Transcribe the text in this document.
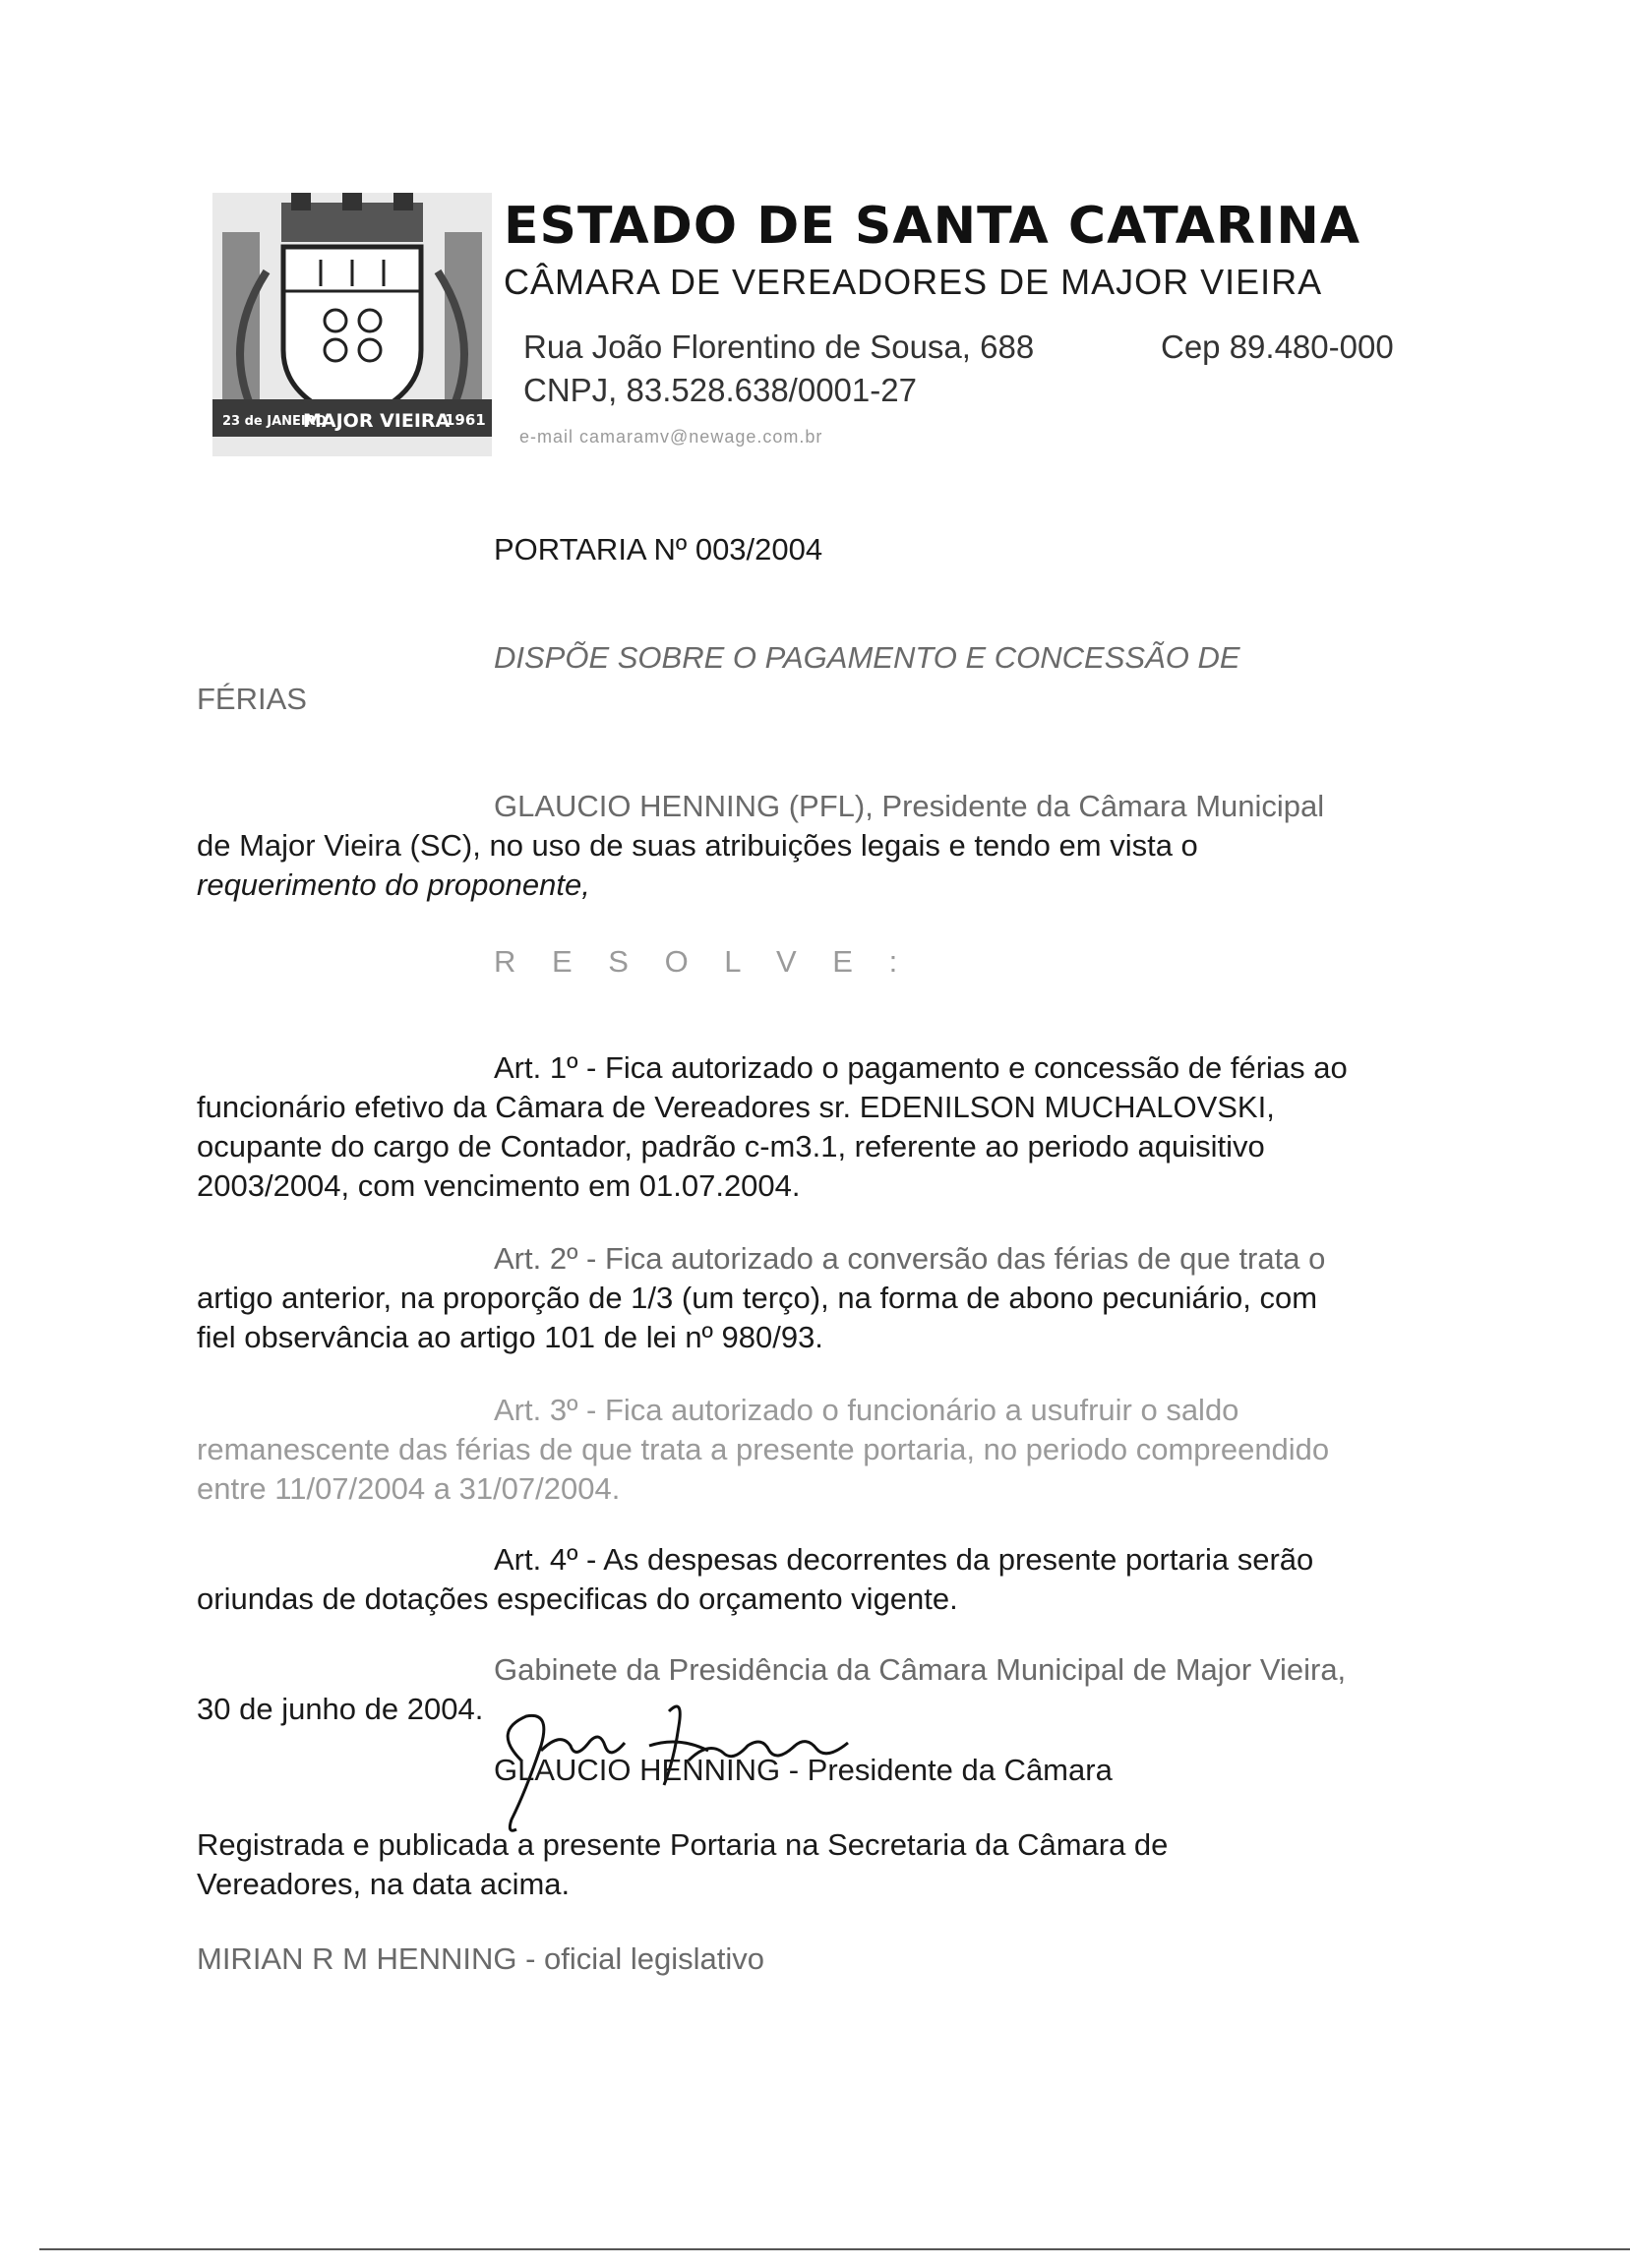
23 de JANEIRO
MAJOR VIEIRA
1961
ESTADO DE SANTA CATARINA
CÂMARA DE VEREADORES DE MAJOR VIEIRA
Rua João Florentino de Sousa, 688	Cep 89.480-000
CNPJ, 83.528.638/0001-27
e-mail camaramv@newage.com.br
PORTARIA Nº 003/2004
DISPÕE SOBRE O PAGAMENTO E CONCESSÃO DE
FÉRIAS
GLAUCIO HENNING (PFL), Presidente da Câmara Municipal
de Major Vieira (SC), no uso de suas atribuições legais e tendo em vista o
requerimento do proponente,
R E S O L V E :
Art. 1º - Fica autorizado o pagamento e concessão de férias ao
funcionário efetivo da Câmara de Vereadores sr. EDENILSON MUCHALOVSKI,
ocupante do cargo de Contador, padrão c-m3.1, referente ao periodo aquisitivo
2003/2004, com vencimento em 01.07.2004.
Art. 2º - Fica autorizado a conversão das férias de que trata o
artigo anterior, na proporção de 1/3 (um terço), na forma de abono pecuniário, com
fiel observância ao artigo 101 de lei nº 980/93.
Art. 3º - Fica autorizado o funcionário a usufruir o saldo
remanescente das férias de que trata a presente portaria, no periodo compreendido
entre 11/07/2004 a 31/07/2004.
Art. 4º - As despesas decorrentes da presente portaria serão
oriundas de dotações especificas do orçamento vigente.
Gabinete da Presidência da Câmara Municipal de Major Vieira,
30 de junho de 2004.
GLAUCIO HENNING - Presidente da Câmara
Registrada e publicada a presente Portaria na Secretaria da Câmara de
Vereadores, na data acima.
MIRIAN R M HENNING - oficial legislativo
